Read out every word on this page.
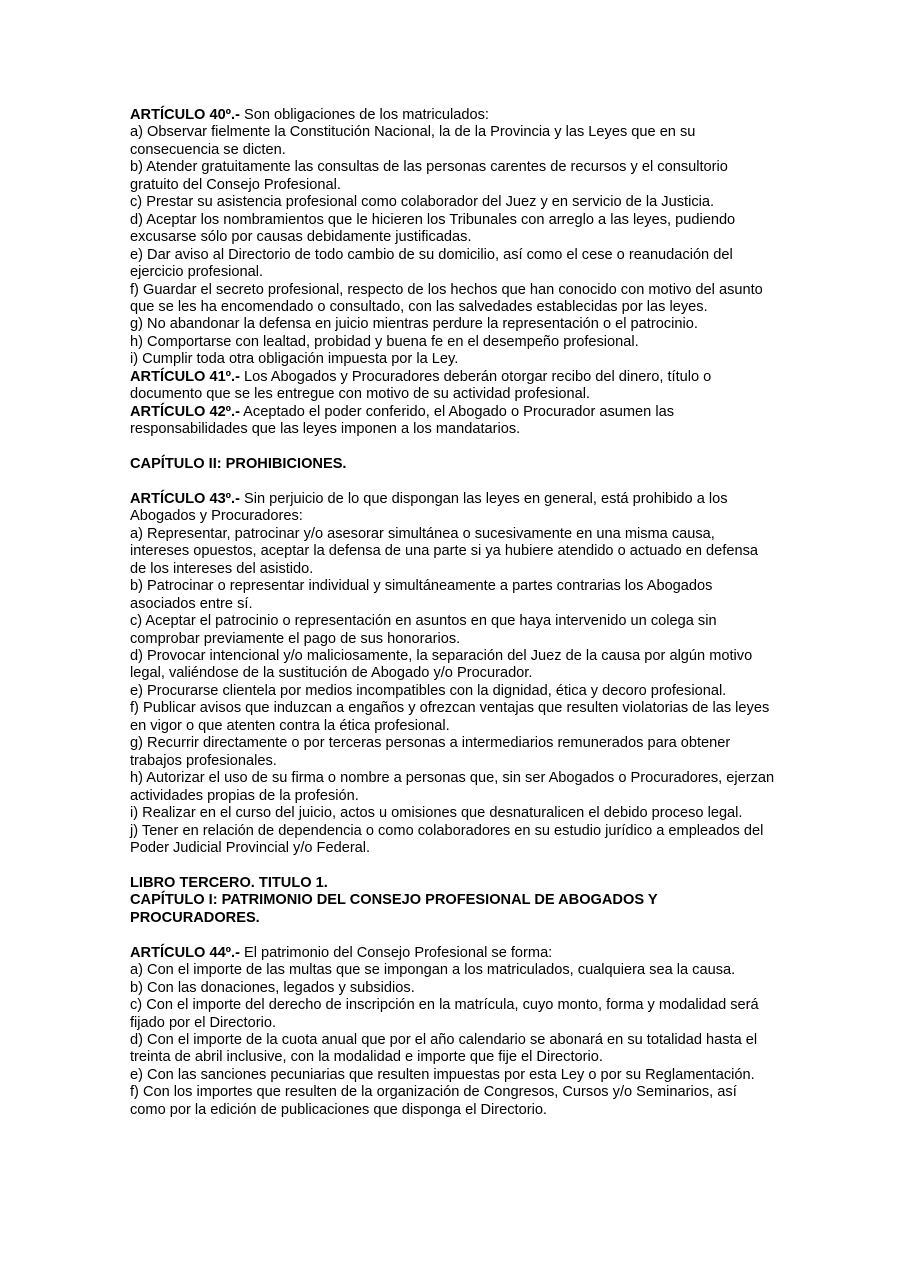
ARTÍCULO 40º.- Son obligaciones de los matriculados:

a) Observar fielmente la Constitución Nacional, la de la Provincia y las Leyes que en su consecuencia se dicten.

b) Atender gratuitamente las consultas de las personas carentes de recursos y el consultorio gratuito del Consejo Profesional.

c) Prestar su asistencia profesional como colaborador del Juez y en servicio de la Justicia.

d) Aceptar los nombramientos que le hicieren los Tribunales con arreglo a las leyes, pudiendo excusarse sólo por causas debidamente justificadas.

e) Dar aviso al Directorio de todo cambio de su domicilio, así como el cese o reanudación del ejercicio profesional.

f) Guardar el secreto profesional, respecto de los hechos que han conocido con motivo del asunto que se les ha encomendado o consultado, con las salvedades establecidas por las leyes.

g) No abandonar la defensa en juicio mientras perdure la representación o el patrocinio.

h) Comportarse con lealtad, probidad y buena fe en el desempeño profesional.

i) Cumplir toda otra obligación impuesta por la Ley.

ARTÍCULO 41º.- Los Abogados y Procuradores deberán otorgar recibo del dinero, título o documento que se les entregue con motivo de su actividad profesional.

ARTÍCULO 42º.- Aceptado el poder conferido, el Abogado o Procurador asumen las responsabilidades que las leyes imponen a los mandatarios.

CAPÍTULO II: PROHIBICIONES.

ARTÍCULO 43º.- Sin perjuicio de lo que dispongan las leyes en general, está prohibido a los Abogados y Procuradores:

a) Representar, patrocinar y/o asesorar simultánea o sucesivamente en una misma causa, intereses opuestos, aceptar la defensa de una parte si ya hubiere atendido o actuado en defensa de los intereses del asistido.

b) Patrocinar o representar individual y simultáneamente a partes contrarias los Abogados asociados entre sí.

c) Aceptar el patrocinio o representación en asuntos en que haya intervenido un colega sin comprobar previamente el pago de sus honorarios.

d) Provocar intencional y/o maliciosamente, la separación del Juez de la causa por algún motivo legal, valiéndose de la sustitución de Abogado y/o Procurador.

e) Procurarse clientela por medios incompatibles con la dignidad, ética y decoro profesional.

f) Publicar avisos que induzcan a engaños y ofrezcan ventajas que resulten violatorias de las leyes en vigor o que atenten contra la ética profesional.

g) Recurrir directamente o por terceras personas a intermediarios remunerados para obtener trabajos profesionales.

h) Autorizar el uso de su firma o nombre a personas que, sin ser Abogados o Procuradores, ejerzan actividades propias de la profesión.

i) Realizar en el curso del juicio, actos u omisiones que desnaturalicen el debido proceso legal.

j) Tener en relación de dependencia o como colaboradores en su estudio jurídico a empleados del Poder Judicial Provincial y/o Federal.

LIBRO TERCERO. TITULO 1.

CAPÍTULO I: PATRIMONIO DEL CONSEJO PROFESIONAL DE ABOGADOS Y PROCURADORES.

ARTÍCULO 44º.- El patrimonio del Consejo Profesional se forma:

a) Con el importe de las multas que se impongan a los matriculados, cualquiera sea la causa.

b) Con las donaciones, legados y subsidios.

c) Con el importe del derecho de inscripción en la matrícula, cuyo monto, forma y modalidad será fijado por el Directorio.

d) Con el importe de la cuota anual que por el año calendario se abonará en su totalidad hasta el treinta de abril inclusive, con la modalidad e importe que fije el Directorio.

e) Con las sanciones pecuniarias que resulten impuestas por esta Ley o por su Reglamentación.

f) Con los importes que resulten de la organización de Congresos, Cursos y/o Seminarios, así como por la edición de publicaciones que disponga el Directorio.
